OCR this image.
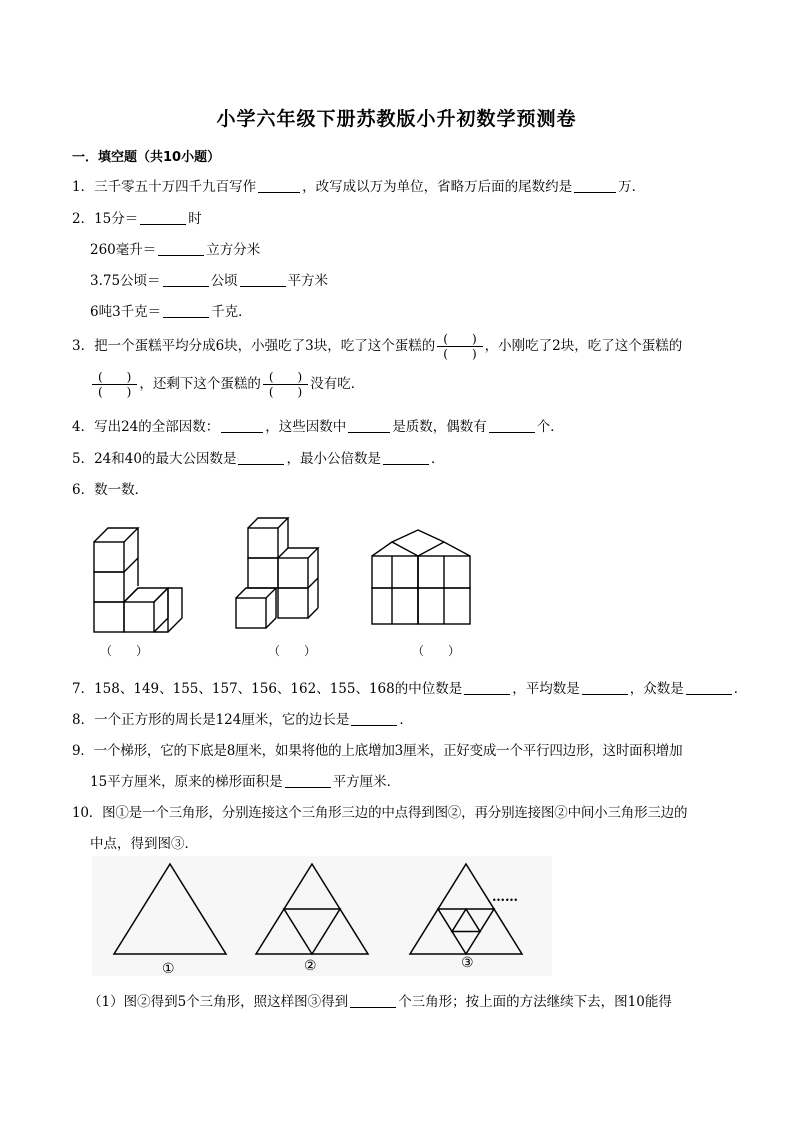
小学六年级下册苏教版小升初数学预测卷
一．填空题（共10小题）
1．三千零五十万四千九百写作	，改写成以万为单位，省略万后面的尾数约是	万．
2．15分＝	时
260毫升＝	立方分米
3.75公顷＝	公顷	平方米
6吨3千克＝	千克．
3．把一个蛋糕平均分成6块，小强吃了3块，吃了这个蛋糕的 $\frac{( )}{( )}$ ，小刚吃了2块，吃了这个蛋糕的
$\frac{( )}{( )}$ ，还剩下这个蛋糕的 $\frac{( )}{( )}$ 没有吃．
4．写出24的全部因数：	，这些因数中	是质数，偶数有	个．
5．24和40的最大公因数是	，最小公倍数是	．
6．数一数．
（　　）	（　　）	（　　）
7．158、149、155、157、156、162、155、168的中位数是	，平均数是	，众数是	．
8．一个正方形的周长是124厘米，它的边长是	．
9．一个梯形，它的下底是8厘米，如果将他的上底增加3厘米，正好变成一个平行四边形，这时面积增加
15平方厘米，原来的梯形面积是	平方厘米．
10．图①是一个三角形，分别连接这个三角形三边的中点得到图②，再分别连接图②中间小三角形三边的
中点，得到图③．
①	②	③
……
（1）图②得到5个三角形，照这样图③得到	个三角形；按上面的方法继续下去，图10能得
